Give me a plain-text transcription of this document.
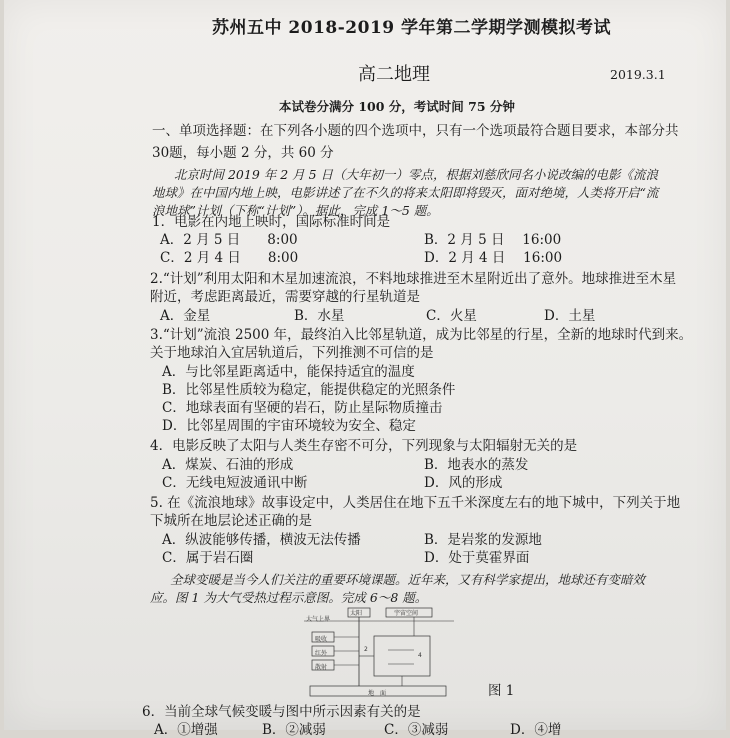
苏州五中 2018-2019 学年第二学期学测模拟考试
高二地理	2019.3.1
本试卷分满分 100 分，考试时间 75 分钟
一、单项选择题：在下列各小题的四个选项中，只有一个选项最符合题目要求，本部分共
30题，每小题 2 分，共 60 分
北京时间 2019 年 2 月 5 日（大年初一）零点，根据刘慈欣同名小说改编的电影《流浪
地球》在中国内地上映，电影讲述了在不久的将来太阳即将毁灭，面对绝境，人类将开启“流
浪地球”计划（下称“计划”）。据此，完成 1～5 题。
1．电影在内地上映时，国际标准时间是
A．2 月 5 日　　8:00	B．2 月 5 日　 16:00
C．2 月 4 日　　8:00	D．2 月 4 日　 16:00
2.“计划”利用太阳和木星加速流浪，不料地球推进至木星附近出了意外。地球推进至木星
附近，考虑距离最近，需要穿越的行星轨道是
A．金星	B．水星	C．火星	D．土星
3.“计划”流浪 2500 年，最终泊入比邻星轨道，成为比邻星的行星，全新的地球时代到来。
关于地球泊入宜居轨道后，下列推测不可信的是
A．与比邻星距离适中，能保持适宜的温度
B．比邻星性质较为稳定，能提供稳定的光照条件
C．地球表面有坚硬的岩石，防止星际物质撞击
D．比邻星周围的宇宙环境较为安全、稳定
4．电影反映了太阳与人类生存密不可分，下列现象与太阳辐射无关的是
A．煤炭、石油的形成	B．地表水的蒸发
C．无线电短波通讯中断	D．风的形成
5. 在《流浪地球》故事设定中，人类居住在地下五千米深度左右的地下城中，下列关于地
下城所在地层论述正确的是
A．纵波能够传播，横波无法传播	B．是岩浆的发源地
C．属于岩石圈	D．处于莫霍界面
全球变暖是当今人们关注的重要环境课题。近年来，又有科学家提出，地球还有变暗效
应。图 1 为大气受热过程示意图。完成 6～8 题。
太阳	宇宙空间
大气上界
吸收
红外
散射
2
4
地　面	图 1
6．当前全球气候变暖与图中所示因素有关的是
A．①增强	B．②减弱	C．③减弱	D．④增
